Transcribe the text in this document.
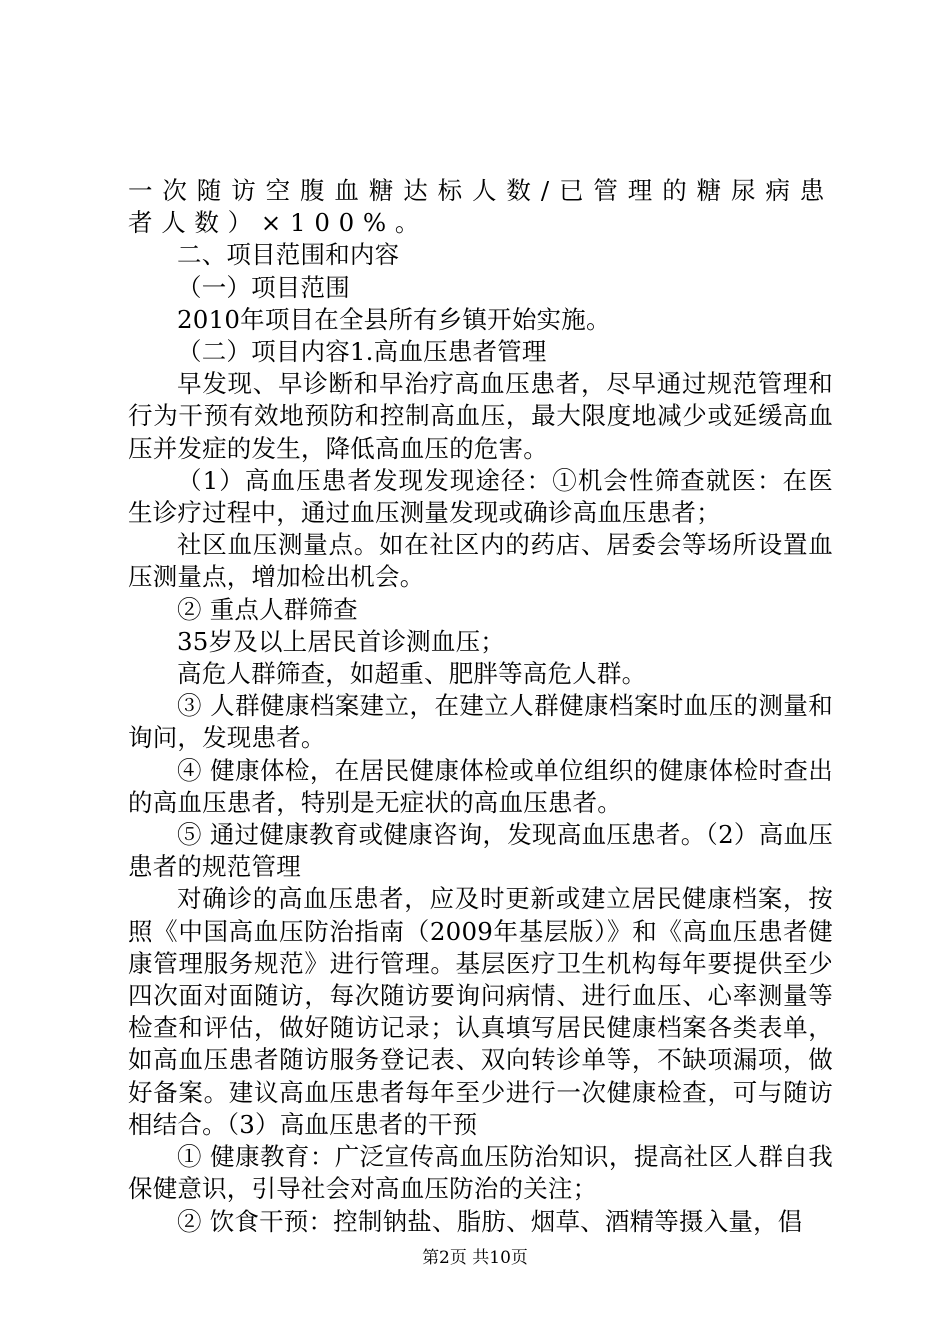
一次随访空腹血糖达标人数/已管理的糖尿病患者人数）×100%。

二、项目范围和内容

（一）项目范围

2010年项目在全县所有乡镇开始实施。

（二）项目内容1.高血压患者管理

早发现、早诊断和早治疗高血压患者，尽早通过规范管理和行为干预有效地预防和控制高血压，最大限度地减少或延缓高血压并发症的发生，降低高血压的危害。

（1）高血压患者发现发现途径：①机会性筛查就医：在医生诊疗过程中，通过血压测量发现或确诊高血压患者；

社区血压测量点。如在社区内的药店、居委会等场所设置血压测量点，增加检出机会。

② 重点人群筛查

35岁及以上居民首诊测血压；

高危人群筛查，如超重、肥胖等高危人群。

③ 人群健康档案建立，在建立人群健康档案时血压的测量和询问，发现患者。

④ 健康体检，在居民健康体检或单位组织的健康体检时查出的高血压患者，特别是无症状的高血压患者。

⑤ 通过健康教育或健康咨询，发现高血压患者。（2）高血压患者的规范管理

对确诊的高血压患者，应及时更新或建立居民健康档案，按照《中国高血压防治指南（2009年基层版）》和《高血压患者健康管理服务规范》进行管理。基层医疗卫生机构每年要提供至少四次面对面随访，每次随访要询问病情、进行血压、心率测量等检查和评估，做好随访记录；认真填写居民健康档案各类表单，如高血压患者随访服务登记表、双向转诊单等，不缺项漏项，做好备案。建议高血压患者每年至少进行一次健康检查，可与随访相结合。（3）高血压患者的干预

① 健康教育：广泛宣传高血压防治知识，提高社区人群自我保健意识，引导社会对高血压防治的关注；

② 饮食干预：控制钠盐、脂肪、烟草、酒精等摄入量，倡

第2页 共10页
